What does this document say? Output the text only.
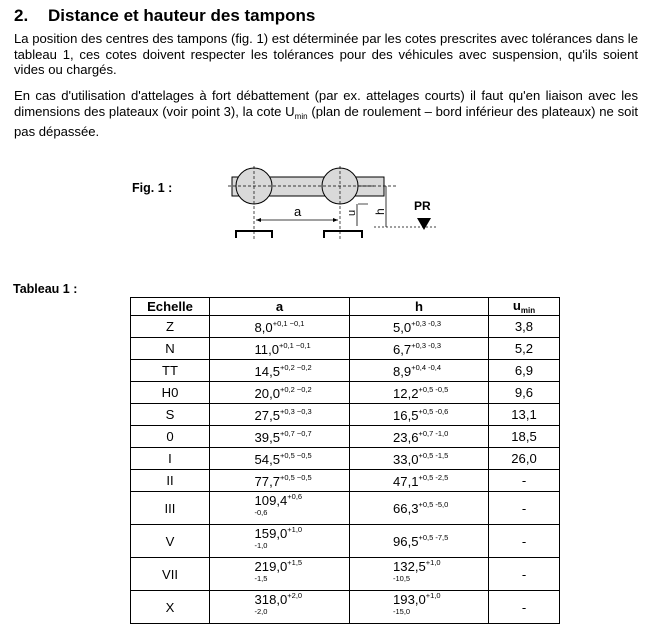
2. Distance et hauteur des tampons

La position des centres des tampons (fig. 1) est déterminée par les cotes prescrites avec tolérances dans le tableau 1, ces cotes doivent respecter les tolérances pour des véhicules avec suspension, qu'ils soient vides ou chargés.

En cas d'utilisation d'attelages à fort débattement (par ex. attelages courts) il faut qu'en liaison avec les dimensions des plateaux (voir point 3), la cote $U_{min}$ (plan de roulement – bord inférieur des plateaux) ne soit pas dépassée.

Fig. 1 :
a	u h PR
Tableau 1 :
Echelle	a	h	$u_{min}$
Z	$8,0^{+0,1 -0,1}$	$5,0^{+0,3 -0,3}$	3,8
N	$11,0^{+0,1 -0,1}$	$6,7^{+0,3 -0,3}$	5,2
TT	$14,5^{+0,2 -0,2}$	$8,9^{+0,4 -0,4}$	6,9
H0	$20,0^{+0,2 -0,2}$	$12,2^{+0,5 -0,5}$	9,6
S	$27,5^{+0,3 -0,3}$	$16,5^{+0,5 -0,6}$	13,1
0	$39,5^{+0,7 -0,7}$	$23,6^{+0,7 -1,0}$	18,5
I	$54,5^{+0,5 -0,5}$	$33,0^{+0,5 -1,5}$	26,0
II	$77,7^{+0,5 -0,5}$	$47,1^{+0,5 -2,5}$	-
III	$109,4^{+0,6 -0,6}$	$66,3^{+0,5 -5,0}$	-
V	$159,0^{+1,0 -1,0}$	$96,5^{+0,5 -7,5}$	-
VII	$219,0^{+1,5 -1,5}$	$132,5^{+1,0 -10,5}$	-
X	$318,0^{+2,0 -2,0}$	$193,0^{+1,0 -15,0}$	-
